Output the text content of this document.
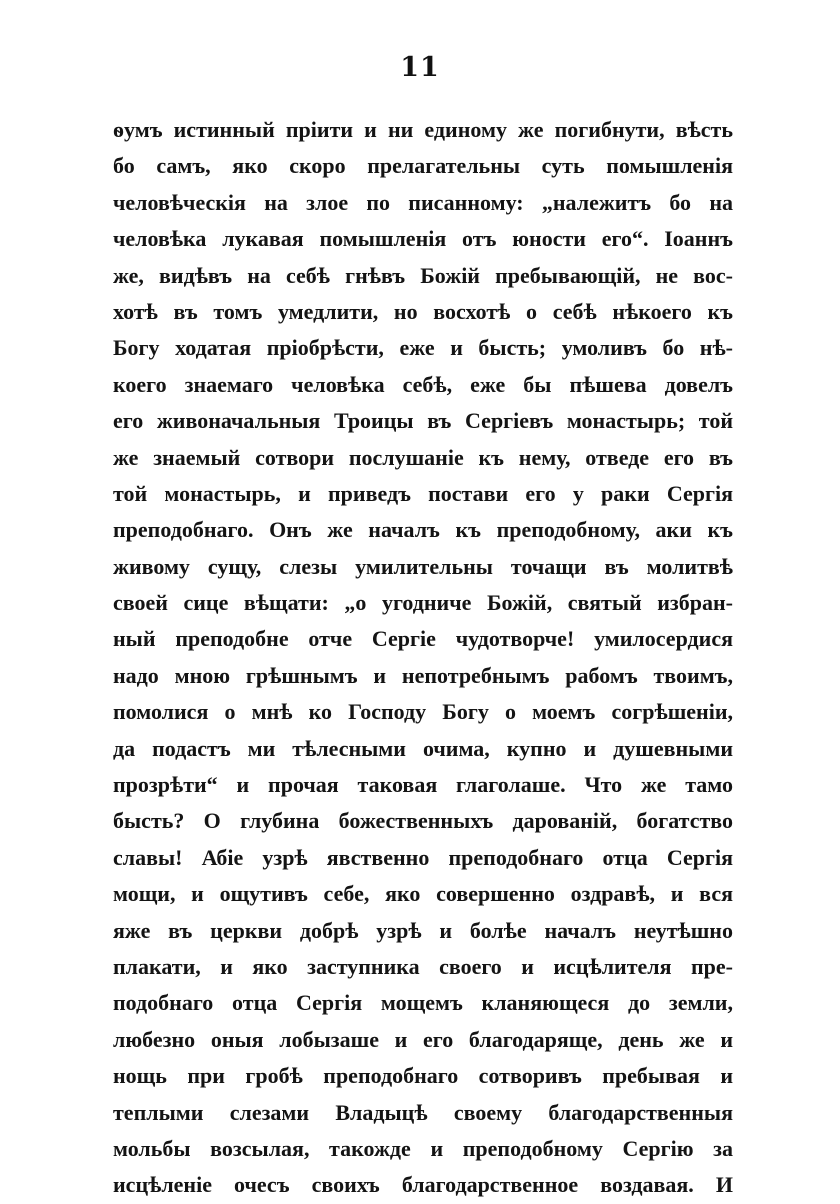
11
ѳумъ истинный пріити и ни единому же погибнути, вѣсть
бо самъ, яко скоро прелагательны суть помышленія
человѣческія на злое по писанному: „належитъ бо на
человѣка лукавая помышленія отъ юности его“. Іоаннъ
же, видѣвъ на себѣ гнѣвъ Божій пребывающій, не вос-
хотѣ въ томъ умедлити, но восхотѣ о себѣ нѣкоего къ
Богу ходатая пріобрѣсти, еже и бысть; умоливъ бо нѣ-
коего знаемаго человѣка себѣ, еже бы пѣшева довелъ
его живоначальныя Троицы въ Сергіевъ монастырь; той
же знаемый сотвори послушаніе къ нему, отведе его въ
той монастырь, и приведъ постави его у раки Сергія
преподобнаго. Онъ же началъ къ преподобному, аки къ
живому сущу, слезы умилительны точащи въ молитвѣ
своей сице вѣщати: „о угодниче Божій, святый избран-
ный преподобне отче Сергіе чудотворче! умилосердися
надо мною грѣшнымъ и непотребнымъ рабомъ твоимъ,
помолися о мнѣ ко Господу Богу о моемъ согрѣшеніи,
да подастъ ми тѣлесными очима, купно и душевными
прозрѣти“ и прочая таковая глаголаше. Что же тамо
бысть? О глубина божественныхъ дарованій, богатство
славы! Абіе узрѣ явственно преподобнаго отца Сергія
мощи, и ощутивъ себе, яко совершенно оздравѣ, и вся
яже въ церкви добрѣ узрѣ и болѣе началъ неутѣшно
плакати, и яко заступника своего и исцѣлителя пре-
подобнаго отца Сергія мощемъ кланяющеся до земли,
любезно оныя лобызаше и его благодаряще, день же и
нощь при гробѣ преподобнаго сотворивъ пребывая и
теплыми слезами Владыцѣ своему благодарственныя
мольбы возсылая, такожде и преподобному Сергію за
исцѣленіе очесъ своихъ благодарственное воздавая. И
